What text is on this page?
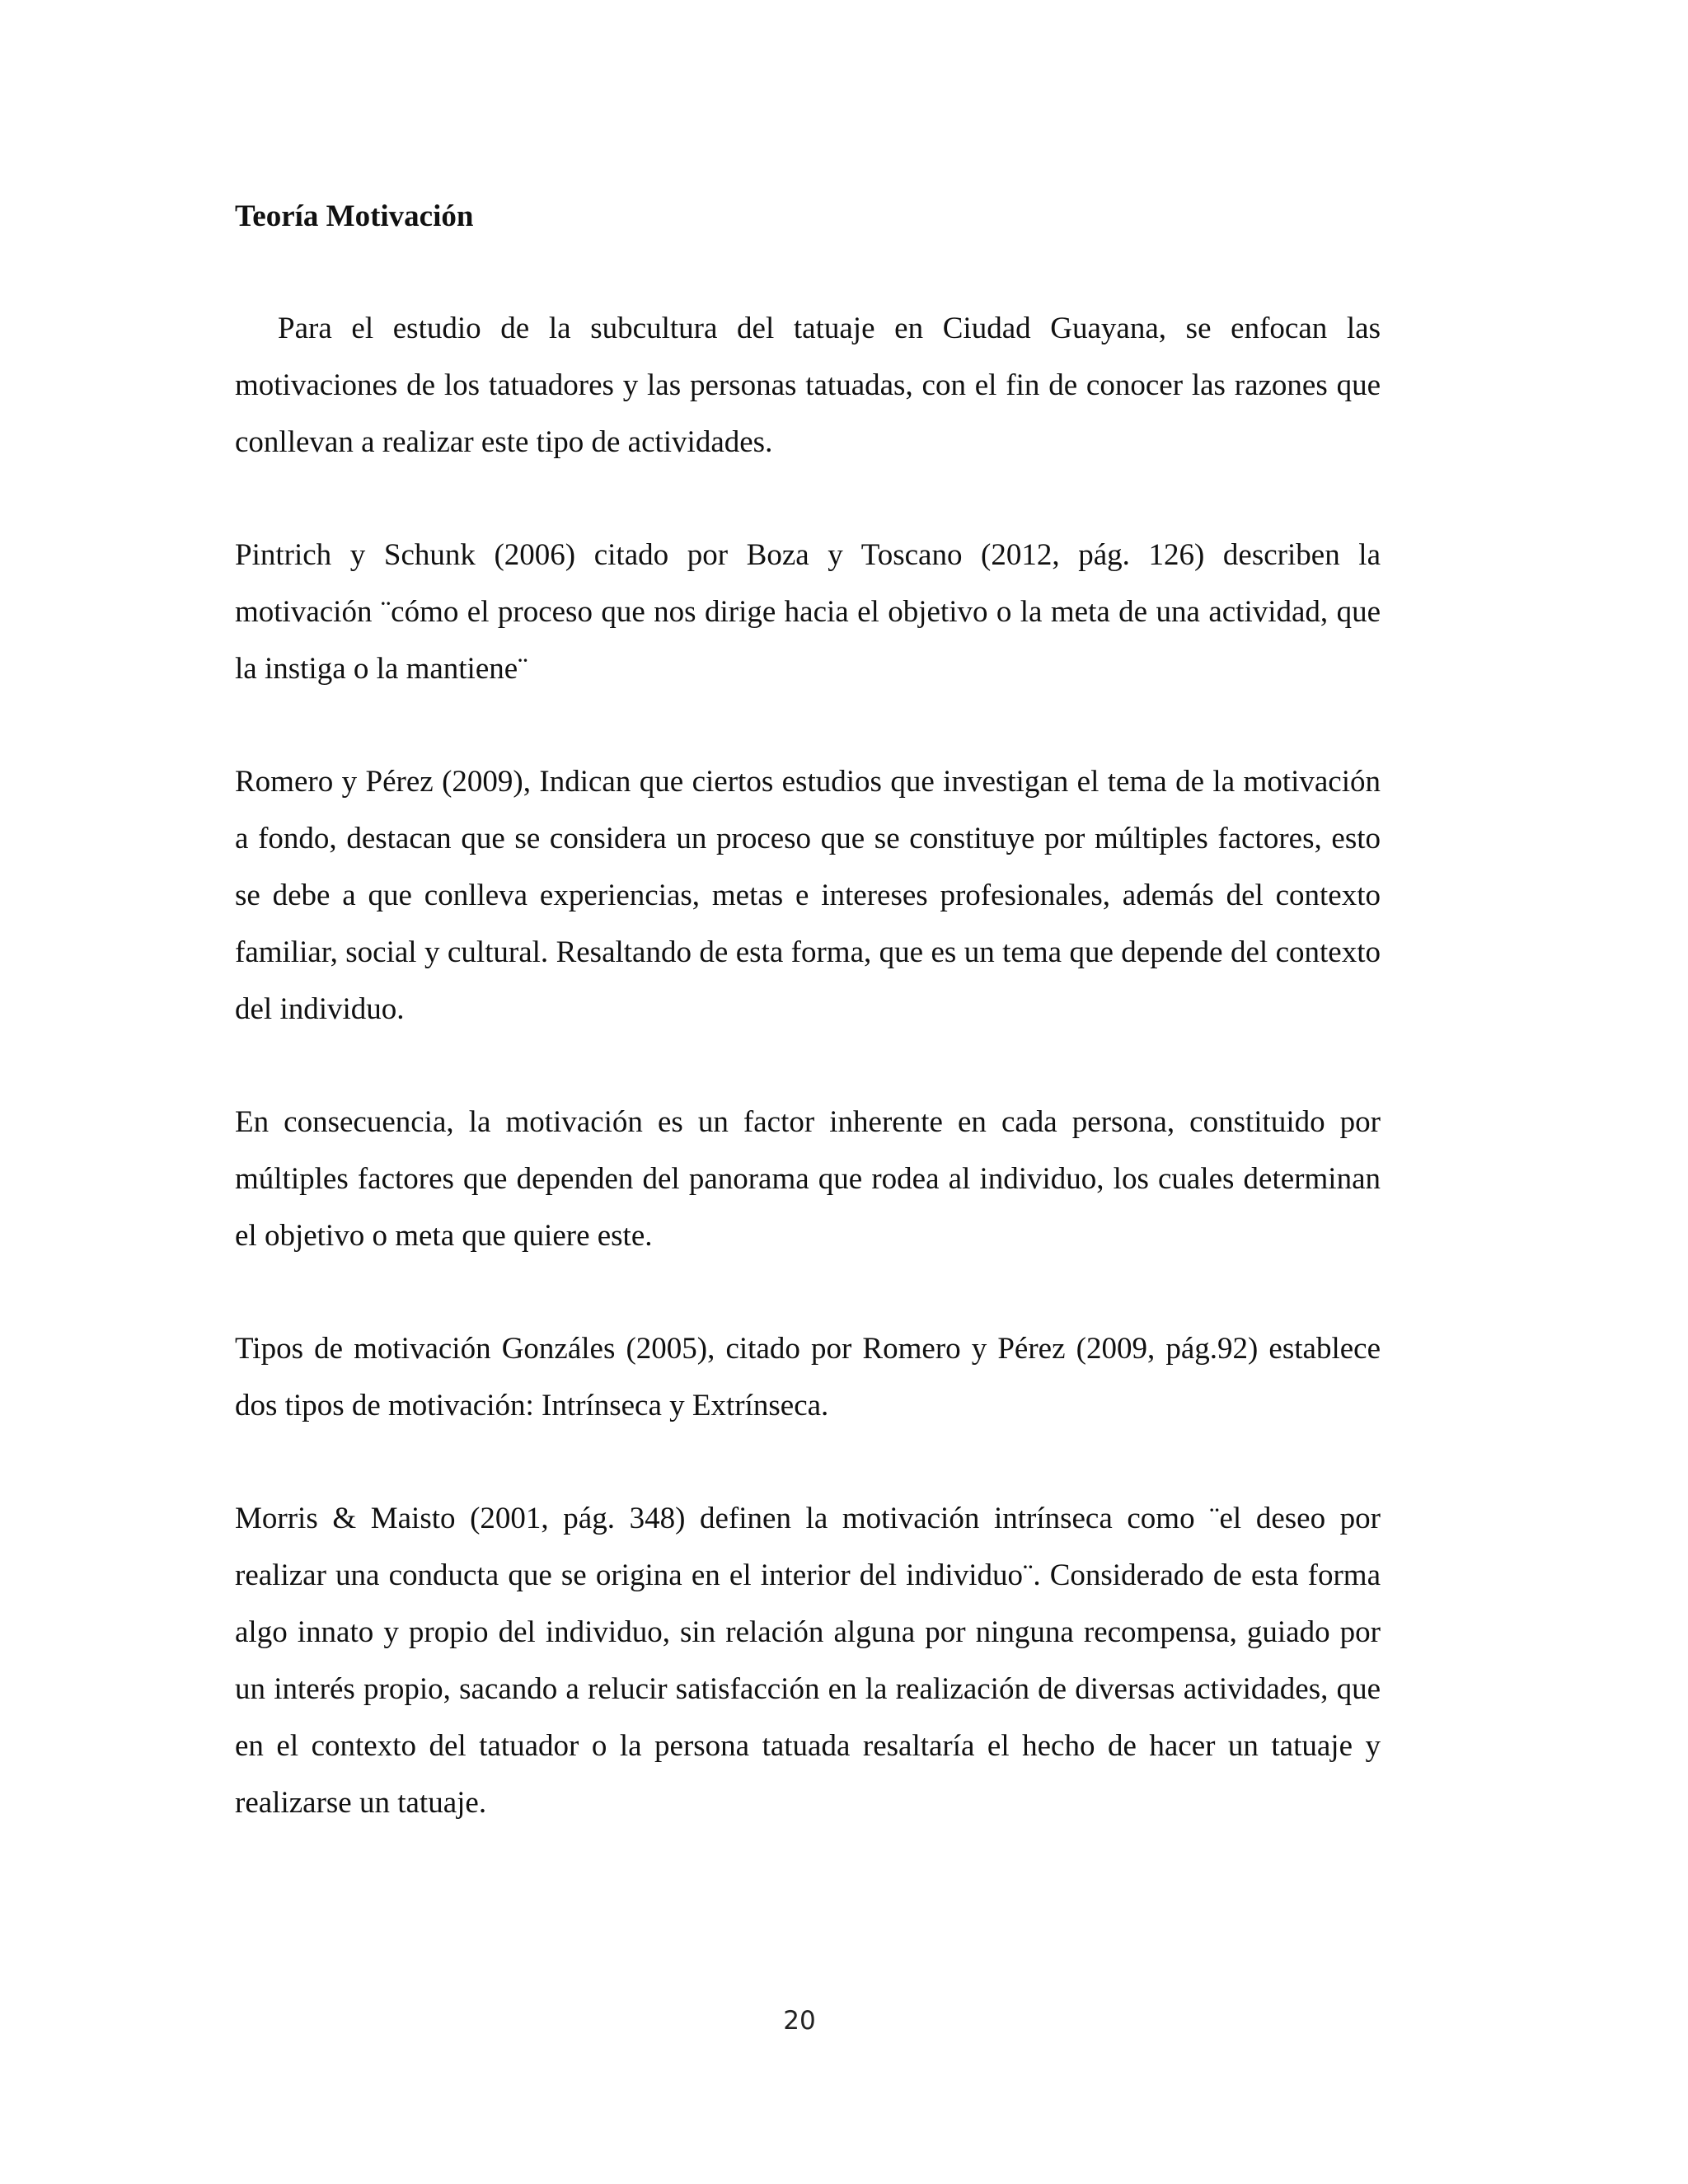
Teoría Motivación

Para el estudio de la subcultura del tatuaje en Ciudad Guayana, se enfocan las motivaciones de los tatuadores y las personas tatuadas, con el fin de conocer las razones que conllevan a realizar este tipo de actividades.

Pintrich y Schunk (2006) citado por Boza y Toscano (2012, pág. 126) describen la motivación ¨cómo el proceso que nos dirige hacia el objetivo o la meta de una actividad, que la instiga o la mantiene¨

Romero y Pérez (2009), Indican que ciertos estudios que investigan el tema de la motivación a fondo, destacan que se considera un proceso que se constituye por múltiples factores, esto se debe a que conlleva experiencias, metas e intereses profesionales, además del contexto familiar, social y cultural. Resaltando de esta forma, que es un tema que depende del contexto del individuo.

En consecuencia, la motivación es un factor inherente en cada persona, constituido por múltiples factores que dependen del panorama que rodea al individuo, los cuales determinan el objetivo o meta que quiere este.

Tipos de motivación Gonzáles (2005), citado por Romero y Pérez (2009, pág.92) establece dos tipos de motivación: Intrínseca y Extrínseca.

Morris & Maisto (2001, pág. 348) definen la motivación intrínseca como ¨el deseo por realizar una conducta que se origina en el interior del individuo¨. Considerado de esta forma algo innato y propio del individuo, sin relación alguna por ninguna recompensa, guiado por un interés propio, sacando a relucir satisfacción en la realización de diversas actividades, que en el contexto del tatuador o la persona tatuada resaltaría el hecho de hacer un tatuaje y realizarse un tatuaje.

20
